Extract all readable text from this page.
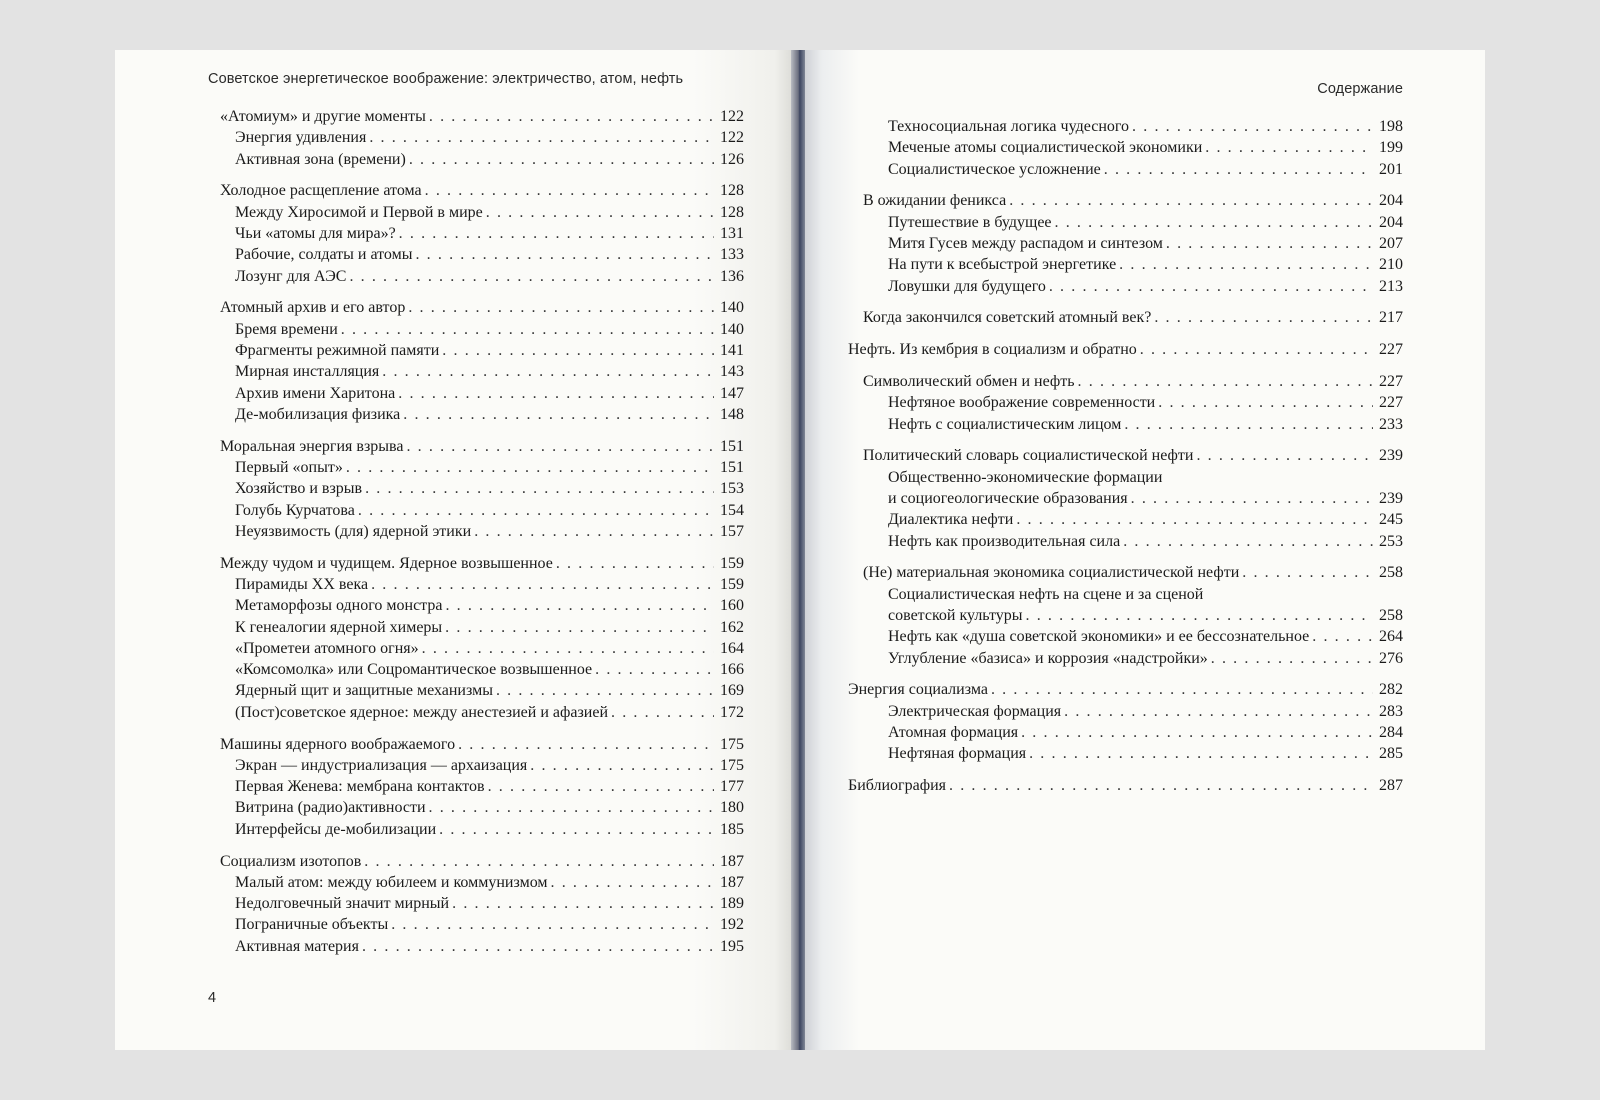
Советское энергетическое воображение: электричество, атом, нефть
«Атомиум» и другие моменты . . .	122
Энергия удивления . . .	122
Активная зона (времени) . . .	126
Холодное расщепление атома . . .	128
Между Хиросимой и Первой в мире . . .	128
Чьи «атомы для мира»? . . .	131
Рабочие, солдаты и атомы . . .	133
Лозунг для АЭС . . .	136
Атомный архив и его автор . . .	140
Бремя времени . . .	140
Фрагменты режимной памяти . . .	141
Мирная инсталляция . . .	143
Архив имени Харитона . . .	147
Де-мобилизация физика . . .	148
Моральная энергия взрыва . . .	151
Первый «опыт» . . .	151
Хозяйство и взрыв . . .	153
Голубь Курчатова . . .	154
Неуязвимость (для) ядерной этики . . .	157
Между чудом и чудищем. Ядерное возвышенное . . .	159
Пирамиды XX века . . .	159
Метаморфозы одного монстра . . .	160
К генеалогии ядерной химеры . . .	162
«Прометеи атомного огня» . . .	164
«Комсомолка» или Соцромантическое возвышенное . . .	166
Ядерный щит и защитные механизмы . . .	169
(Пост)советское ядерное: между анестезией и афазией . . .	172
Машины ядерного воображаемого . . .	175
Экран — индустриализация — архаизация . . .	175
Первая Женева: мембрана контактов . . .	177
Витрина (радио)активности . . .	180
Интерфейсы де-мобилизации . . .	185
Социализм изотопов . . .	187
Малый атом: между юбилеем и коммунизмом . . .	187
Недолговечный значит мирный . . .	189
Пограничные объекты . . .	192
Активная материя . . .	195
4
Содержание
Техносоциальная логика чудесного . . .	198
Меченые атомы социалистической экономики . . .	199
Социалистическое усложнение . . .	201
В ожидании феникса . . .	204
Путешествие в будущее . . .	204
Митя Гусев между распадом и синтезом . . .	207
На пути к всебыстрой энергетике . . .	210
Ловушки для будущего . . .	213
Когда закончился советский атомный век? . . .	217
Нефть. Из кембрия в социализм и обратно . . .	227
Символический обмен и нефть . . .	227
Нефтяное воображение современности . . .	227
Нефть с социалистическим лицом . . .	233
Политический словарь социалистической нефти . . .	239
Общественно-экономические формации
и социогеологические образования . . .	239
Диалектика нефти . . .	245
Нефть как производительная сила . . .	253
(Не) материальная экономика социалистической нефти . . .	258
Социалистическая нефть на сцене и за сценой
советской культуры . . .	258
Нефть как «душа советской экономики» и ее бессознательное . . .	264
Углубление «базиса» и коррозия «надстройки» . . .	276
Энергия социализма . . .	282
Электрическая формация . . .	283
Атомная формация . . .	284
Нефтяная формация . . .	285
Библиография . . .	287
